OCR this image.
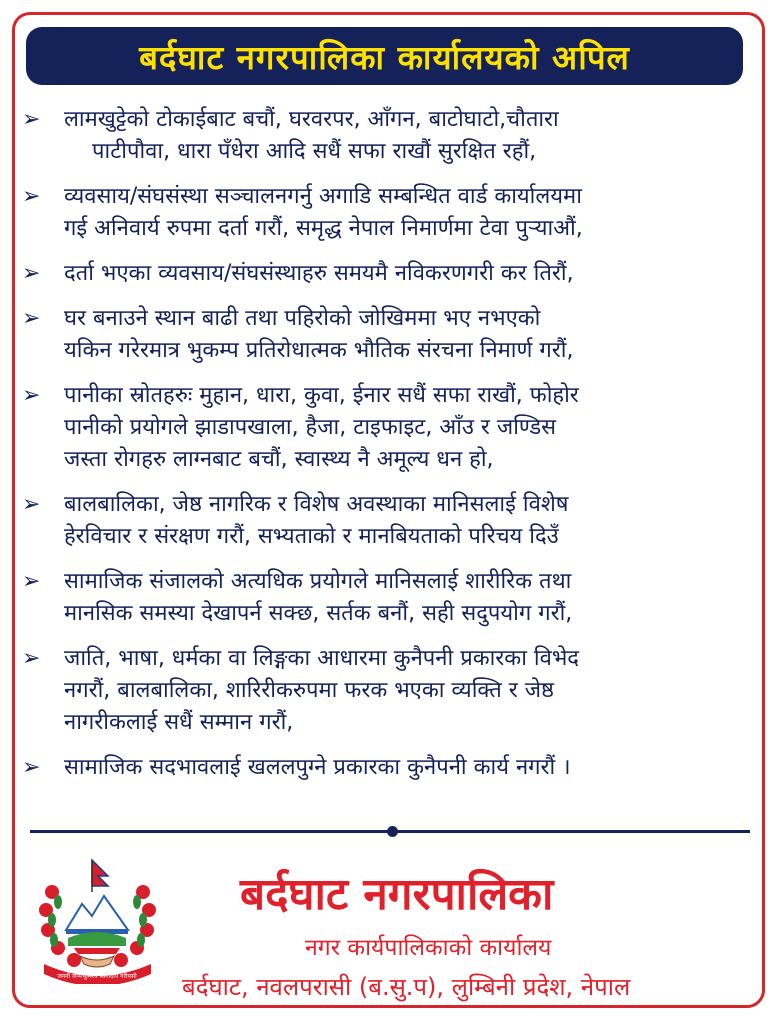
बर्दघाट नगरपालिका कार्यालयको अपिल
➢	लामखुट्टेको टोकाईबाट बचौं, घरवरपर, आँगन, बाटोघाटो,चौतारा
पाटीपौवा, धारा पँधेरा आदि सधैं सफा राखौं सुरक्षित रहौं,
➢	व्यवसाय/संघसंस्था सञ्चालनगर्नु अगाडि सम्बन्धित वार्ड कार्यालयमा
गई अनिवार्य रुपमा दर्ता गरौं, समृद्ध नेपाल निमार्णमा टेवा पुऱ्याऔं,
➢	दर्ता भएका व्यवसाय/संघसंस्थाहरु समयमै नविकरणगरी कर तिरौं,
➢	घर बनाउने स्थान बाढी तथा पहिरोको जोखिममा भए नभएको
यकिन गरेरमात्र भुकम्प प्रतिरोधात्मक भौतिक संरचना निमार्ण गरौं,
➢	पानीका स्रोतहरुः मुहान, धारा, कुवा, ईनार सधैं सफा राखौं, फोहोर
पानीको प्रयोगले झाडापखाला, हैजा, टाइफाइट, आँउ र जण्डिस
जस्ता रोगहरु लाग्नबाट बचौं, स्वास्थ्य नै अमूल्य धन हो,
➢	बालबालिका, जेष्ठ नागरिक र विशेष अवस्थाका मानिसलाई विशेष
हेरविचार र संरक्षण गरौं, सभ्यताको र मानबियताको परिचय दिउँ
➢	सामाजिक संजालको अत्यधिक प्रयोगले मानिसलाई शारीरिक तथा
मानसिक समस्या देखापर्न सक्छ, सर्तक बनौं, सही सदुपयोग गरौं,
➢	जाति, भाषा, धर्मका वा लिङ्गका आधारमा कुनैपनी प्रकारका विभेद
नगरौं, बालबालिका, शारिरीकरुपमा फरक भएका व्यक्ति र जेष्ठ
नागरीकलाई सधैं सम्मान गरौं,
➢	सामाजिक सदभावलाई खललपुग्ने प्रकारका कुनैपनी कार्य नगरौं ।
जननी जन्मभूमिश्च स्वर्गादपि गरीयसी
बर्दघाट नगरपालिका
नगर कार्यपालिकाको कार्यालय
बर्दघाट, नवलपरासी (ब.सु.प), लुम्बिनी प्रदेश, नेपाल
